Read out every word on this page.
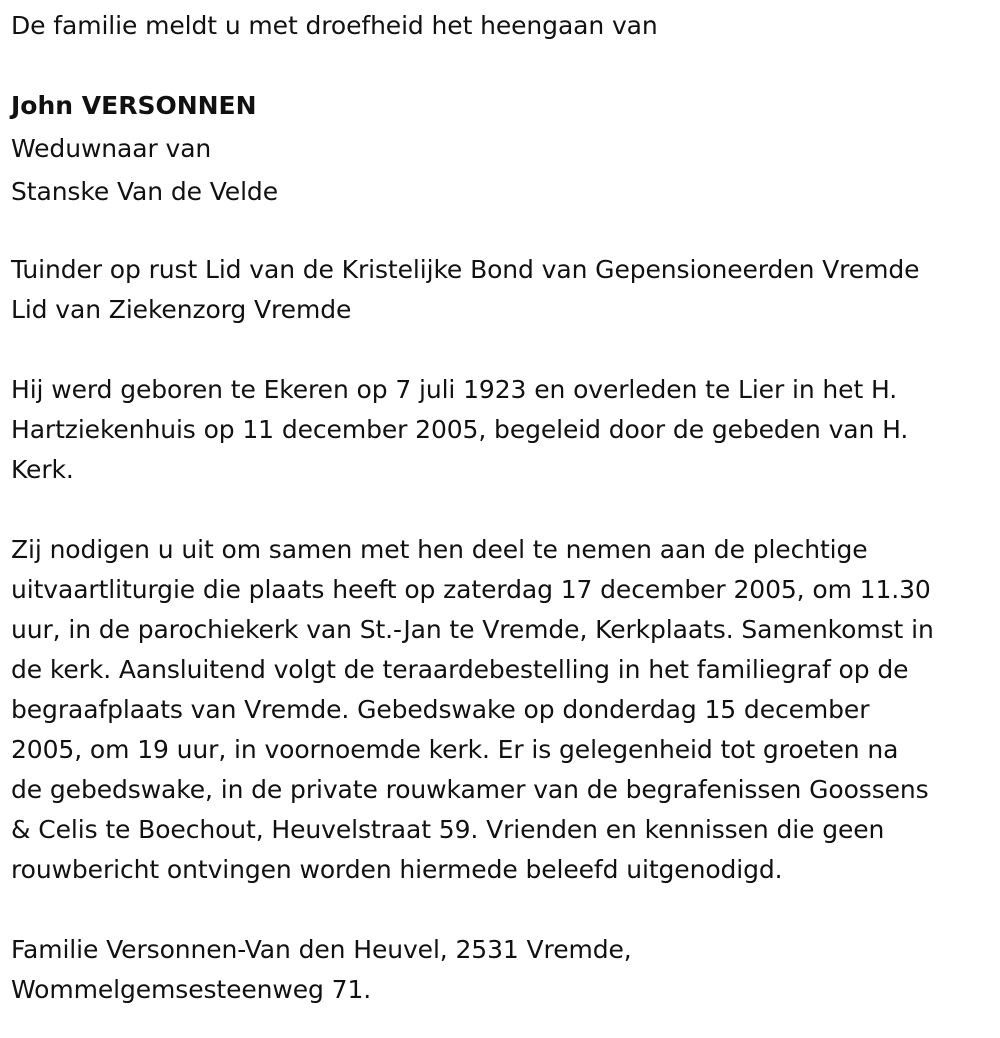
De familie meldt u met droefheid het heengaan van
John VERSONNEN
Weduwnaar van
Stanske Van de Velde
Tuinder op rust Lid van de Kristelijke Bond van Gepensioneerden Vremde
Lid van Ziekenzorg Vremde
Hij werd geboren te Ekeren op 7 juli 1923 en overleden te Lier in het H.
Hartziekenhuis op 11 december 2005, begeleid door de gebeden van H.
Kerk.
Zij nodigen u uit om samen met hen deel te nemen aan de plechtige
uitvaartliturgie die plaats heeft op zaterdag 17 december 2005, om 11.30
uur, in de parochiekerk van St.-Jan te Vremde, Kerkplaats. Samenkomst in
de kerk. Aansluitend volgt de teraardebestelling in het familiegraf op de
begraafplaats van Vremde. Gebedswake op donderdag 15 december
2005, om 19 uur, in voornoemde kerk. Er is gelegenheid tot groeten na
de gebedswake, in de private rouwkamer van de begrafenissen Goossens
& Celis te Boechout, Heuvelstraat 59. Vrienden en kennissen die geen
rouwbericht ontvingen worden hiermede beleefd uitgenodigd.
Familie Versonnen-Van den Heuvel, 2531 Vremde,
Wommelgemsesteenweg 71.
